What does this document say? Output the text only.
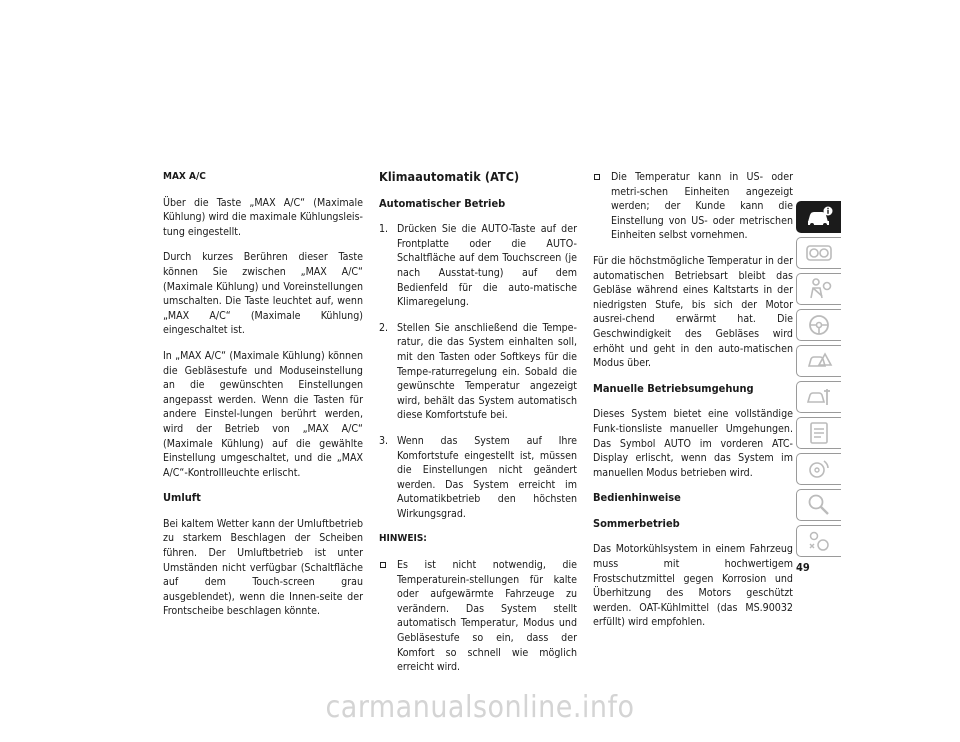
MAX A/C

Über die Taste „MAX A/C“ (Maximale Kühlung) wird die maximale Kühlungsleis-tung eingestellt.

Durch kurzes Berühren dieser Taste können Sie zwischen „MAX A/C“ (Maximale Kühlung) und Voreinstellungen umschalten. Die Taste leuchtet auf, wenn „MAX A/C“ (Maximale Kühlung) eingeschaltet ist.

In „MAX A/C“ (Maximale Kühlung) können die Gebläsestufe und Moduseinstellung an die gewünschten Einstellungen angepasst werden. Wenn die Tasten für andere Einstel-lungen berührt werden, wird der Betrieb von „MAX A/C“ (Maximale Kühlung) auf die gewählte Einstellung umgeschaltet, und die „MAX A/C“-Kontrollleuchte erlischt.

Umluft

Bei kaltem Wetter kann der Umluftbetrieb zu starkem Beschlagen der Scheiben führen. Der Umluftbetrieb ist unter Umständen nicht verfügbar (Schaltfläche auf dem Touch-screen grau ausgeblendet), wenn die Innen-seite der Frontscheibe beschlagen könnte.

Klimaautomatik (ATC)
Automatischer Betrieb
1. Drücken Sie die AUTO-Taste auf der Frontplatte oder die AUTO-Schaltfläche auf dem Touchscreen (je nach Ausstat-tung) auf dem Bedienfeld für die auto-matische Klimaregelung.
2. Stellen Sie anschließend die Tempe-ratur, die das System einhalten soll, mit den Tasten oder Softkeys für die Tempe-raturregelung ein. Sobald die gewünschte Temperatur angezeigt wird, behält das System automatisch diese Komfortstufe bei.
3. Wenn das System auf Ihre Komfortstufe eingestellt ist, müssen die Einstellungen nicht geändert werden. Das System erreicht im Automatikbetrieb den höchsten Wirkungsgrad.
HINWEIS:
Es ist nicht notwendig, die Temperaturein-stellungen für kalte oder aufgewärmte Fahrzeuge zu verändern. Das System stellt automatisch Temperatur, Modus und Gebläsestufe so ein, dass der Komfort so schnell wie möglich erreicht wird.
Die Temperatur kann in US- oder metri-schen Einheiten angezeigt werden; der Kunde kann die Einstellung von US- oder metrischen Einheiten selbst vornehmen.

Für die höchstmögliche Temperatur in der automatischen Betriebsart bleibt das Gebläse während eines Kaltstarts in der niedrigsten Stufe, bis sich der Motor ausrei-chend erwärmt hat. Die Geschwindigkeit des Gebläses wird erhöht und geht in den auto-matischen Modus über.

Manuelle Betriebsumgehung

Dieses System bietet eine vollständige Funk-tionsliste manueller Umgehungen. Das Symbol AUTO im vorderen ATC-Display erlischt, wenn das System im manuellen Modus betrieben wird.

Bedienhinweise
Sommerbetrieb

Das Motorkühlsystem in einem Fahrzeug muss mit hochwertigem Frostschutzmittel gegen Korrosion und Überhitzung des Motors geschützt werden. OAT-Kühlmittel (das MS.90032 erfüllt) wird empfohlen.

49
carmanualsonline.info
